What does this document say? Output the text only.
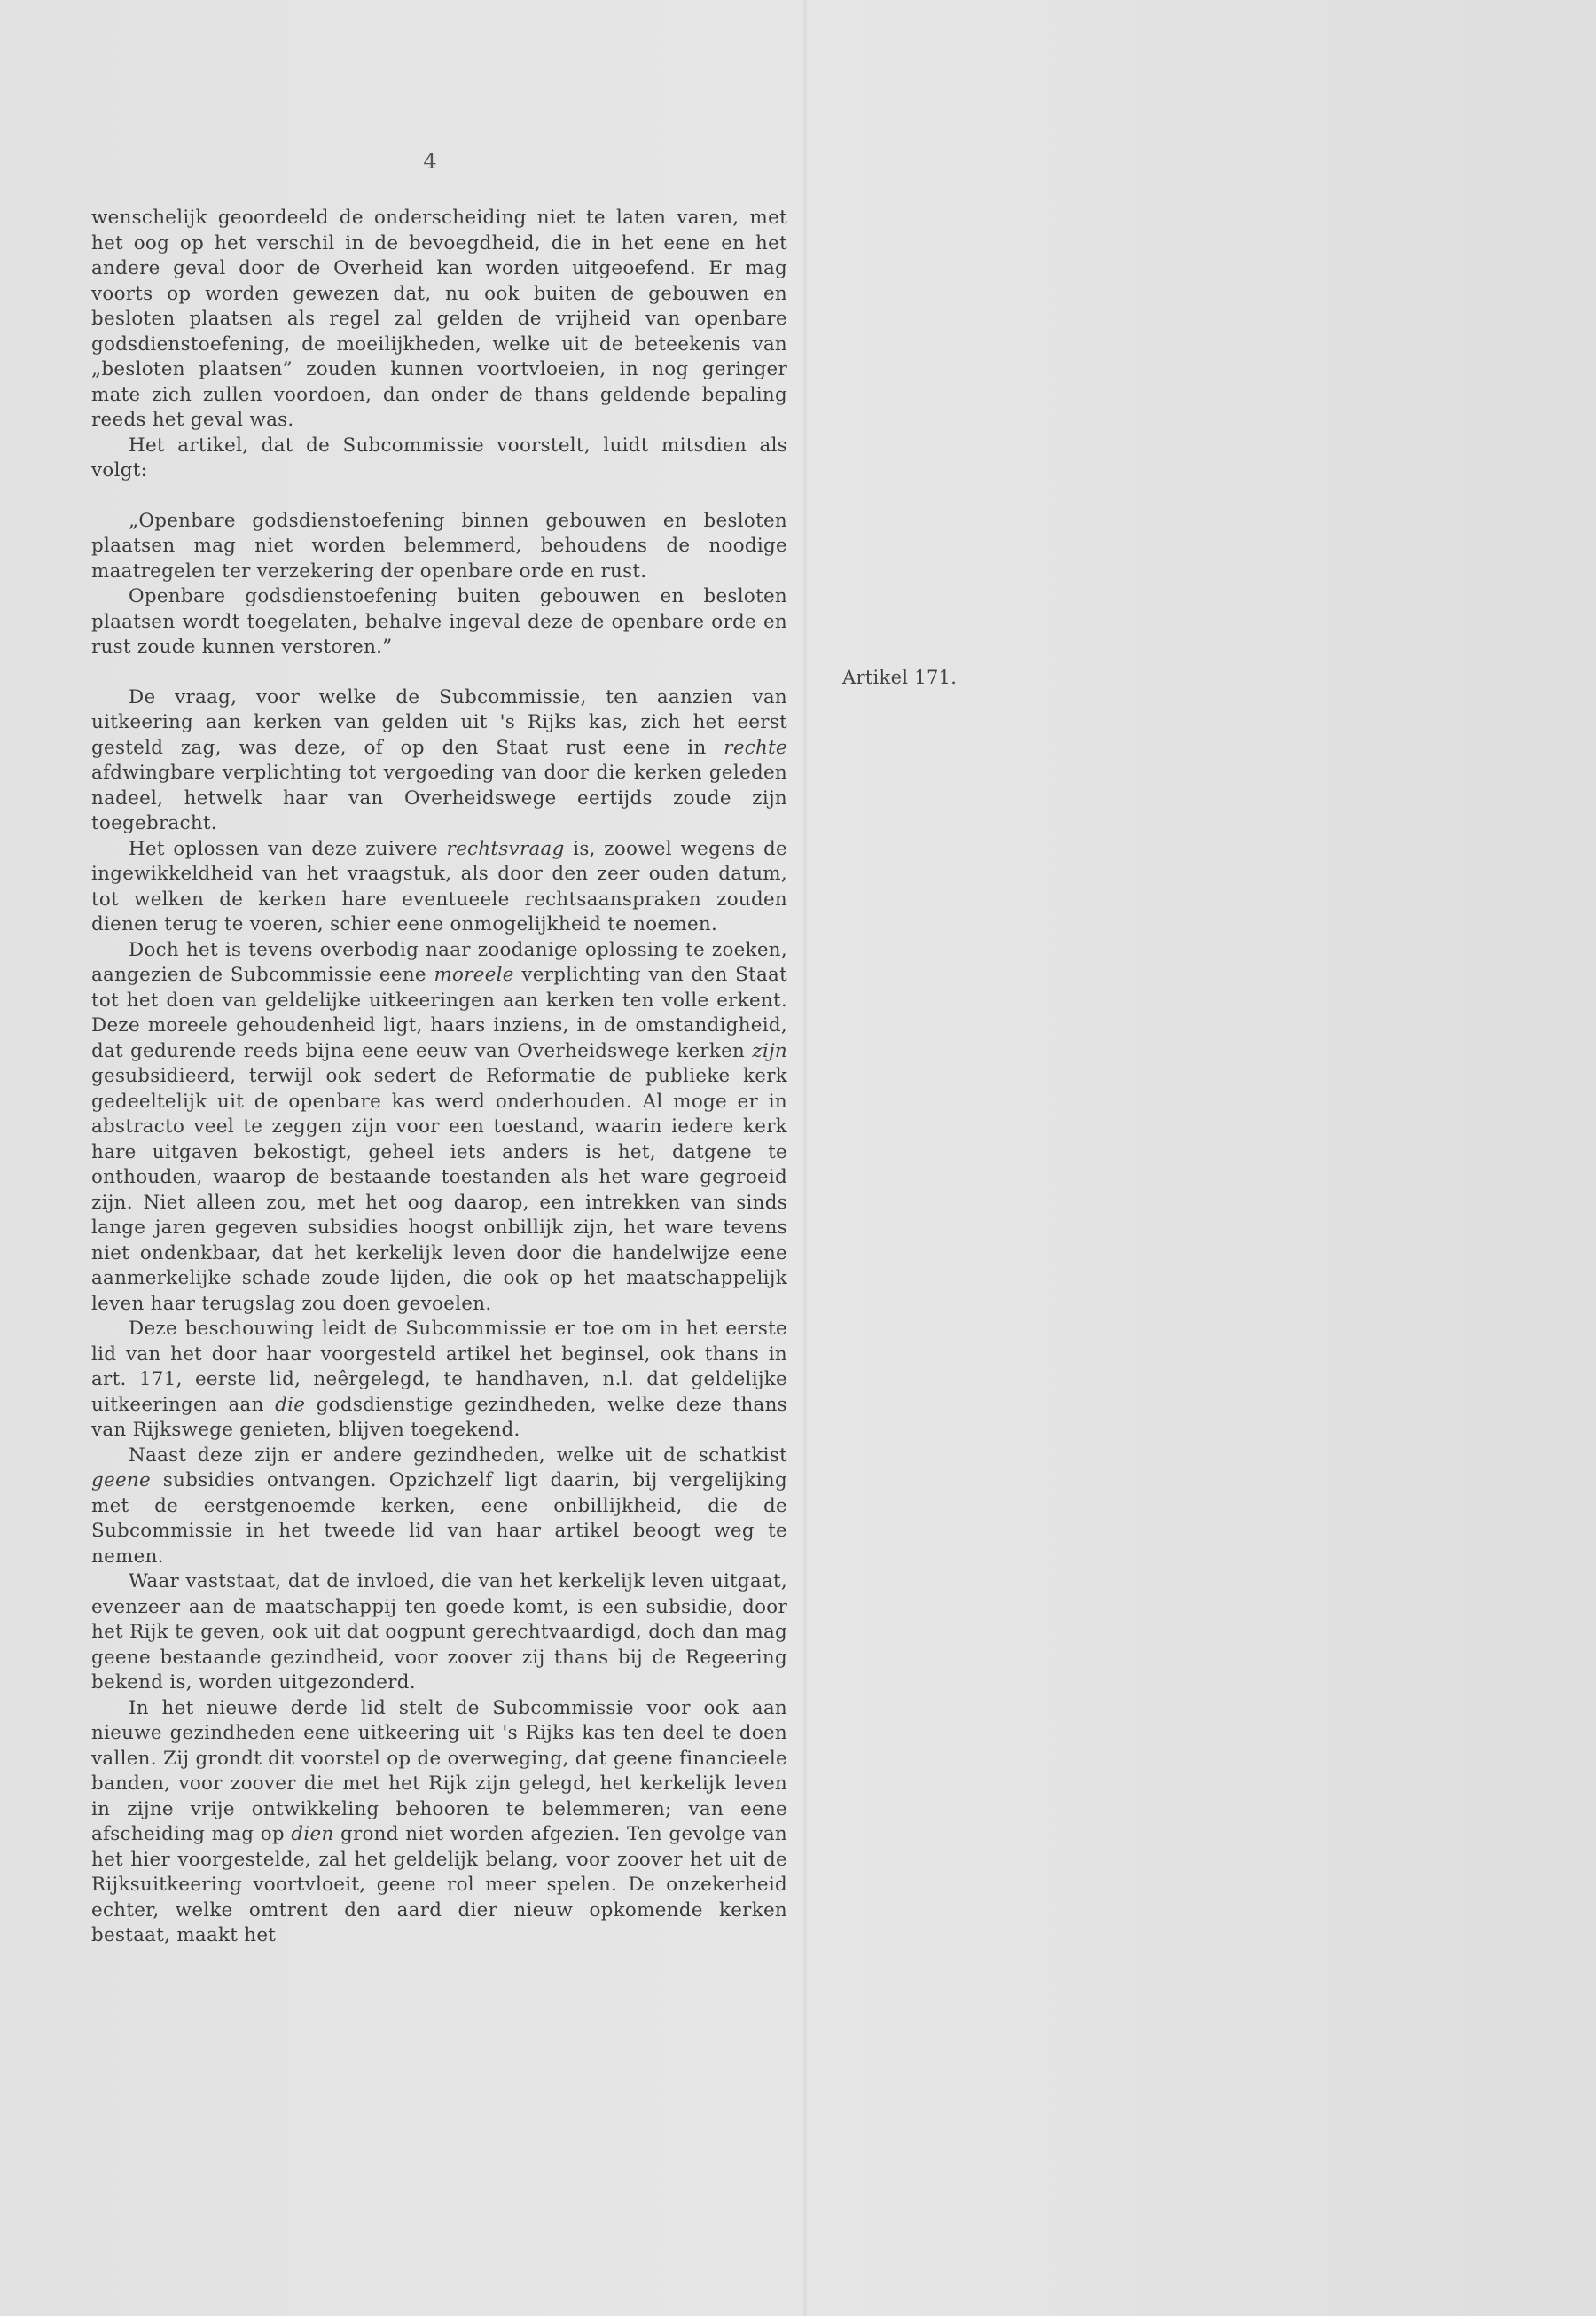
4
Artikel 171.

wenschelijk geoordeeld de onderscheiding niet te laten varen, met het oog op het verschil in de bevoegdheid, die in het eene en het andere geval door de Overheid kan worden uitgeoefend. Er mag voorts op worden gewezen dat, nu ook buiten de gebouwen en besloten plaatsen als regel zal gelden de vrijheid van openbare godsdienstoefening, de moeilijkheden, welke uit de beteekenis van „besloten plaatsen” zouden kunnen voortvloeien, in nog geringer mate zich zullen voordoen, dan onder de thans geldende bepaling reeds het geval was.

Het artikel, dat de Subcommissie voorstelt, luidt mitsdien als volgt:

„Openbare godsdienstoefening binnen gebouwen en besloten plaatsen mag niet worden belemmerd, behoudens de noodige maatregelen ter verzekering der openbare orde en rust.

Openbare godsdienstoefening buiten gebouwen en besloten plaatsen wordt toegelaten, behalve ingeval deze de openbare orde en rust zoude kunnen verstoren.”

De vraag, voor welke de Subcommissie, ten aanzien van uitkeering aan kerken van gelden uit 's Rijks kas, zich het eerst gesteld zag, was deze, of op den Staat rust eene in rechte afdwingbare verplichting tot vergoeding van door die kerken geleden nadeel, hetwelk haar van Overheidswege eertijds zoude zijn toegebracht.

Het oplossen van deze zuivere rechtsvraag is, zoowel wegens de ingewikkeldheid van het vraagstuk, als door den zeer ouden datum, tot welken de kerken hare eventueele rechtsaanspraken zouden dienen terug te voeren, schier eene onmogelijkheid te noemen.

Doch het is tevens overbodig naar zoodanige oplossing te zoeken, aangezien de Subcommissie eene moreele verplichting van den Staat tot het doen van geldelijke uitkeeringen aan kerken ten volle erkent. Deze moreele gehoudenheid ligt, haars inziens, in de omstandigheid, dat gedurende reeds bijna eene eeuw van Overheidswege kerken zijn gesubsidieerd, terwijl ook sedert de Reformatie de publieke kerk gedeeltelijk uit de openbare kas werd onderhouden. Al moge er in abstracto veel te zeggen zijn voor een toestand, waarin iedere kerk hare uitgaven bekostigt, geheel iets anders is het, datgene te onthouden, waarop de bestaande toestanden als het ware gegroeid zijn. Niet alleen zou, met het oog daarop, een intrekken van sinds lange jaren gegeven subsidies hoogst onbillijk zijn, het ware tevens niet ondenkbaar, dat het kerkelijk leven door die handelwijze eene aanmerkelijke schade zoude lijden, die ook op het maatschappelijk leven haar terugslag zou doen gevoelen.

Deze beschouwing leidt de Subcommissie er toe om in het eerste lid van het door haar voorgesteld artikel het beginsel, ook thans in art. 171, eerste lid, neêrgelegd, te handhaven, n.l. dat geldelijke uitkeeringen aan die godsdienstige gezindheden, welke deze thans van Rijkswege genieten, blijven toegekend.

Naast deze zijn er andere gezindheden, welke uit de schatkist geene subsidies ontvangen. Opzichzelf ligt daarin, bij vergelijking met de eerstgenoemde kerken, eene onbillijkheid, die de Subcommissie in het tweede lid van haar artikel beoogt weg te nemen.

Waar vaststaat, dat de invloed, die van het kerkelijk leven uitgaat, evenzeer aan de maatschappij ten goede komt, is een subsidie, door het Rijk te geven, ook uit dat oogpunt gerechtvaardigd, doch dan mag geene bestaande gezindheid, voor zoover zij thans bij de Regeering bekend is, worden uitgezonderd.

In het nieuwe derde lid stelt de Subcommissie voor ook aan nieuwe gezindheden eene uitkeering uit 's Rijks kas ten deel te doen vallen. Zij grondt dit voorstel op de overweging, dat geene financieele banden, voor zoover die met het Rijk zijn gelegd, het kerkelijk leven in zijne vrije ontwikkeling behooren te belemmeren; van eene afscheiding mag op dien grond niet worden afgezien. Ten gevolge van het hier voorgestelde, zal het geldelijk belang, voor zoover het uit de Rijksuitkeering voortvloeit, geene rol meer spelen. De onzekerheid echter, welke omtrent den aard dier nieuw opkomende kerken bestaat, maakt het
